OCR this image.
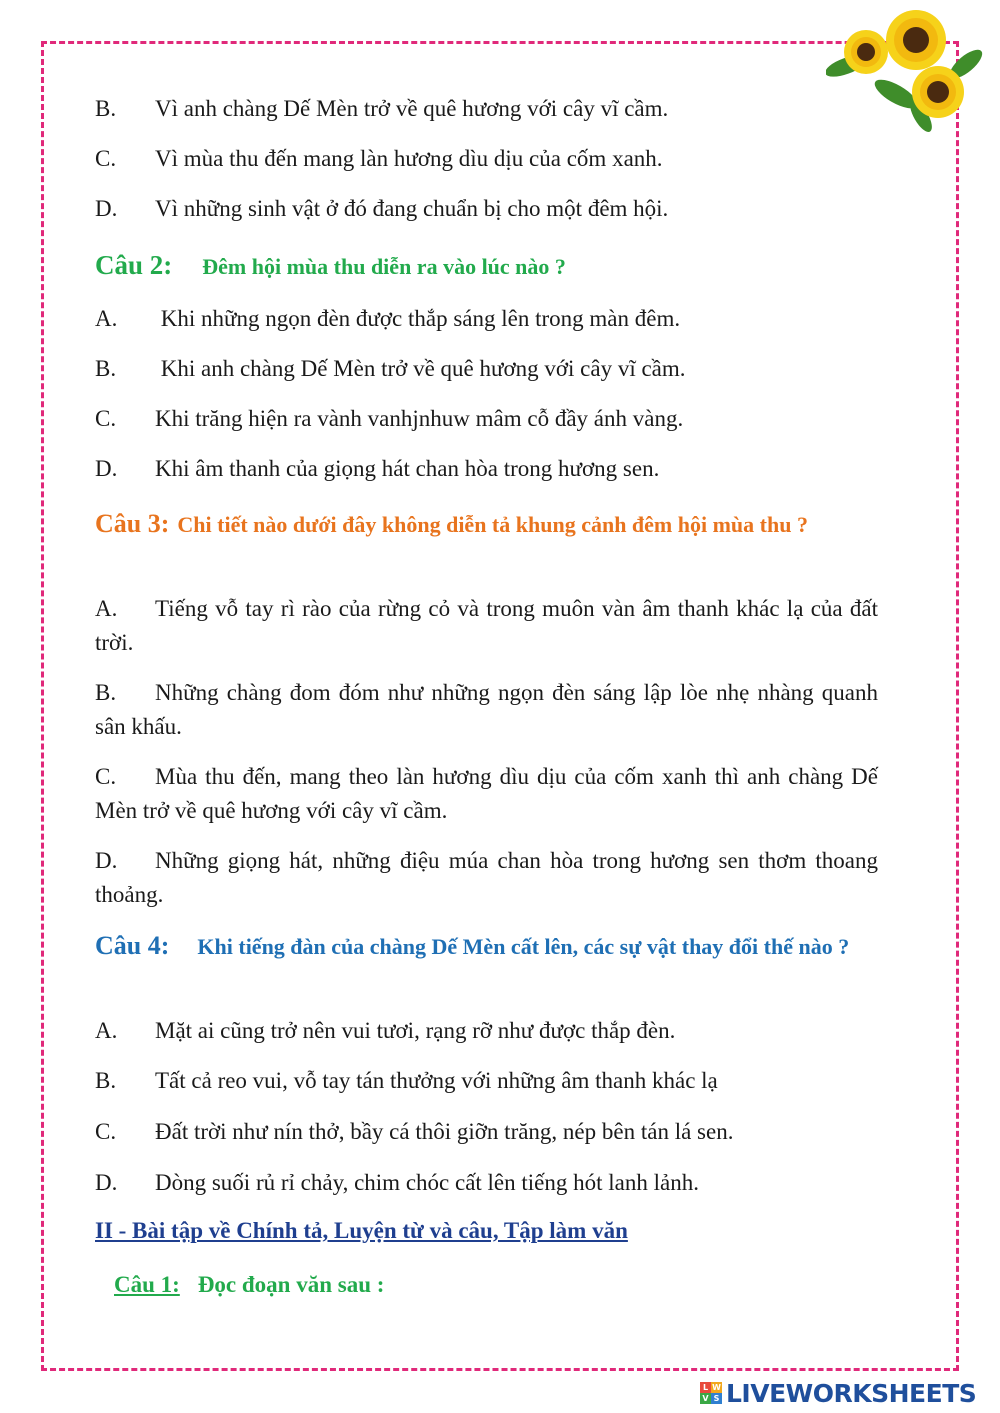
B. Vì anh chàng Dế Mèn trở về quê hương với cây vĩ cầm.
C. Vì mùa thu đến mang làn hương dìu dịu của cốm xanh.
D. Vì những sinh vật ở đó đang chuẩn bị cho một đêm hội.
Câu 2: Đêm hội mùa thu diễn ra vào lúc nào ?
A. Khi những ngọn đèn được thắp sáng lên trong màn đêm.
B. Khi anh chàng Dế Mèn trở về quê hương với cây vĩ cầm.
C. Khi trăng hiện ra vành vanhjnhuw mâm cỗ đầy ánh vàng.
D. Khi âm thanh của giọng hát chan hòa trong hương sen.
Câu 3: Chi tiết nào dưới đây không diễn tả khung cảnh đêm hội mùa thu ?
A. Tiếng vỗ tay rì rào của rừng cỏ và trong muôn vàn âm thanh khác lạ của đất trời.
B. Những chàng đom đóm như những ngọn đèn sáng lập lòe nhẹ nhàng quanh sân khấu.
C. Mùa thu đến, mang theo làn hương dìu dịu của cốm xanh thì anh chàng Dế Mèn trở về quê hương với cây vĩ cầm.
D. Những giọng hát, những điệu múa chan hòa trong hương sen thơm thoang thoảng.
Câu 4: Khi tiếng đàn của chàng Dế Mèn cất lên, các sự vật thay đổi thế nào ?
A. Mặt ai cũng trở nên vui tươi, rạng rỡ như được thắp đèn.
B. Tất cả reo vui, vỗ tay tán thưởng với những âm thanh khác lạ
C. Đất trời như nín thở, bầy cá thôi giỡn trăng, nép bên tán lá sen.
D. Dòng suối rủ rỉ chảy, chim chóc cất lên tiếng hót lanh lảnh.
II - Bài tập về Chính tả, Luyện từ và câu, Tập làm văn
Câu 1: Đọc đoạn văn sau :
L W
V S LIVEWORKSHEETS
